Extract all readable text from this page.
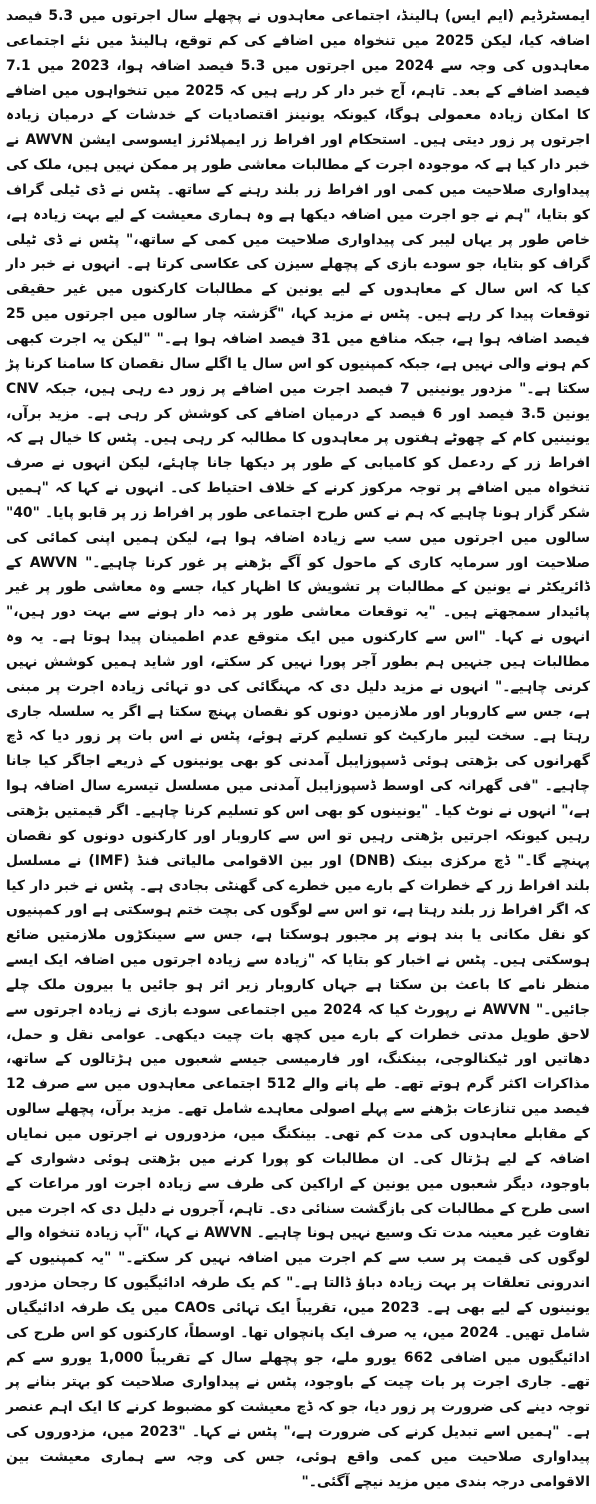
ایمسٹرڈیم (ایم ایس) ہالینڈ، اجتماعی معاہدوں نے پچھلے سال اجرتوں میں 5.3 فیصد اضافہ کیا، لیکن 2025 میں تنخواہ میں اضافے کی کم توقع، ہالینڈ میں نئے اجتماعی معاہدوں کی وجہ سے 2024 میں اجرتوں میں 5.3 فیصد اضافہ ہوا، 2023 میں 7.1 فیصد اضافے کے بعد۔ تاہم، آج خبر دار کر رہے ہیں کہ 2025 میں تنخواہوں میں اضافے کا امکان زیادہ معمولی ہوگا، کیونکہ یونینز اقتصادیات کے خدشات کے درمیان زیادہ اجرتوں پر زور دیتی ہیں۔ استحکام اور افراط زر ایمپلائرز ایسوسی ایشن AWVN نے خبر دار کیا ہے کہ موجودہ اجرت کے مطالبات معاشی طور پر ممکن نہیں ہیں، ملک کی پیداواری صلاحیت میں کمی اور افراط زر بلند رہنے کے ساتھ۔ پٹس نے ڈی ٹیلی گراف کو بتایا، "ہم نے جو اجرت میں اضافہ دیکھا ہے وہ ہماری معیشت کے لیے بہت زیادہ ہے، خاص طور پر یہاں لیبر کی پیداواری صلاحیت میں کمی کے ساتھ،" پٹس نے ڈی ٹیلی گراف کو بتایا، جو سودے بازی کے پچھلے سیزن کی عکاسی کرتا ہے۔ انہوں نے خبر دار کیا کہ اس سال کے معاہدوں کے لیے یونین کے مطالبات کارکنوں میں غیر حقیقی توقعات پیدا کر رہے ہیں۔ پٹس نے مزید کہا، "گزشتہ چار سالوں میں اجرتوں میں 25 فیصد اضافہ ہوا ہے، جبکہ منافع میں 31 فیصد اضافہ ہوا ہے۔" "لیکن یہ اجرت کبھی کم ہونے والی نہیں ہے، جبکہ کمپنیوں کو اس سال یا اگلے سال نقصان کا سامنا کرنا پڑ سکتا ہے۔" مزدور یونینیں 7 فیصد اجرت میں اضافے پر زور دے رہی ہیں، جبکہ CNV یونین 3.5 فیصد اور 6 فیصد کے درمیان اضافے کی کوشش کر رہی ہے۔ مزید برآں، یونینیں کام کے چھوٹے ہفتوں پر معاہدوں کا مطالبہ کر رہی ہیں۔ پٹس کا خیال ہے کہ افراط زر کے ردعمل کو کامیابی کے طور پر دیکھا جانا چاہئے، لیکن انہوں نے صرف تنخواہ میں اضافے پر توجہ مرکوز کرنے کے خلاف احتیاط کی۔ انہوں نے کہا کہ "ہمیں شکر گزار ہونا چاہیے کہ ہم نے کس طرح اجتماعی طور پر افراط زر پر قابو پایا۔ "40" سالوں میں اجرتوں میں سب سے زیادہ اضافہ ہوا ہے، لیکن ہمیں اپنی کمائی کی صلاحیت اور سرمایہ کاری کے ماحول کو آگے بڑھنے پر غور کرنا چاہیے۔" AWVN کے ڈائریکٹر نے یونین کے مطالبات پر تشویش کا اظہار کیا، جسے وہ معاشی طور پر غیر پائیدار سمجھتے ہیں۔ "یہ توقعات معاشی طور پر ذمہ دار ہونے سے بہت دور ہیں،" انہوں نے کہا۔ "اس سے کارکنوں میں ایک متوقع عدم اطمینان پیدا ہوتا ہے۔ یہ وہ مطالبات ہیں جنہیں ہم بطور آجر پورا نہیں کر سکتے، اور شاید ہمیں کوشش نہیں کرنی چاہیے۔" انہوں نے مزید دلیل دی کہ مہنگائی کی دو تہائی زیادہ اجرت پر مبنی ہے، جس سے کاروبار اور ملازمین دونوں کو نقصان پہنچ سکتا ہے اگر یہ سلسلہ جاری رہتا ہے۔ سخت لیبر مارکیٹ کو تسلیم کرتے ہوئے، پٹس نے اس بات پر زور دیا کہ ڈچ گھرانوں کی بڑھتی ہوئی ڈسپوزایبل آمدنی کو بھی یونینوں کے ذریعے اجاگر کیا جانا چاہیے۔ "فی گھرانہ کی اوسط ڈسپوزایبل آمدنی میں مسلسل تیسرے سال اضافہ ہوا ہے،" انہوں نے نوٹ کیا۔ "یونینوں کو بھی اس کو تسلیم کرنا چاہیے۔ اگر قیمتیں بڑھتی رہیں کیونکہ اجرتیں بڑھتی رہیں تو اس سے کاروبار اور کارکنوں دونوں کو نقصان پہنچے گا۔" ڈچ مرکزی بینک (DNB) اور بین الاقوامی مالیاتی فنڈ (IMF) نے مسلسل بلند افراط زر کے خطرات کے بارے میں خطرے کی گھنٹی بجادی ہے۔ پٹس نے خبر دار کیا کہ اگر افراط زر بلند رہتا ہے، تو اس سے لوگوں کی بچت ختم ہوسکتی ہے اور کمپنیوں کو نقل مکانی یا بند ہونے پر مجبور ہوسکتا ہے، جس سے سینکڑوں ملازمتیں ضائع ہوسکتی ہیں۔ پٹس نے اخبار کو بتایا کہ "زیادہ سے زیادہ اجرتوں میں اضافہ ایک ایسے منظر نامے کا باعث بن سکتا ہے جہاں کاروبار زیر اثر ہو جائیں یا بیرون ملک چلے جائیں۔" AWVN نے رپورٹ کیا کہ 2024 میں اجتماعی سودے بازی نے زیادہ اجرتوں سے لاحق طویل مدتی خطرات کے بارے میں کچھ بات چیت دیکھی۔ عوامی نقل و حمل، دھاتیں اور ٹیکنالوجی، بینکنگ، اور فارمیسی جیسے شعبوں میں ہڑتالوں کے ساتھ، مذاکرات اکثر گرم ہوتے تھے۔ طے پانے والے 512 اجتماعی معاہدوں میں سے صرف 12 فیصد میں تنازعات بڑھنے سے پہلے اصولی معاہدے شامل تھے۔ مزید برآں، پچھلے سالوں کے مقابلے معاہدوں کی مدت کم تھی۔ بینکنگ میں، مزدوروں نے اجرتوں میں نمایاں اضافہ کے لیے ہڑتال کی۔ ان مطالبات کو پورا کرنے میں بڑھتی ہوئی دشواری کے باوجود، دیگر شعبوں میں یونین کے اراکین کی طرف سے زیادہ اجرت اور مراعات کے اسی طرح کے مطالبات کی بازگشت سنائی دی۔ تاہم، آجروں نے دلیل دی کہ اجرت میں تفاوت غیر معینہ مدت تک وسیع نہیں ہونا چاہیے۔ AWVN نے کہا، "آپ زیادہ تنخواہ والے لوگوں کی قیمت پر سب سے کم اجرت میں اضافہ نہیں کر سکتے۔" "یہ کمپنیوں کے اندرونی تعلقات پر بہت زیادہ دباؤ ڈالتا ہے۔" کم یک طرفہ ادائیگیوں کا رجحان مزدور یونینوں کے لیے بھی ہے۔ 2023 میں، تقریباً ایک تہائی CAOs میں یک طرفہ ادائیگیاں شامل تھیں۔ 2024 میں، یہ صرف ایک پانچواں تھا۔ اوسطاً، کارکنوں کو اس طرح کی ادائیگیوں میں اضافی 662 یورو ملے، جو پچھلے سال کے تقریباً 1,000 یورو سے کم تھے۔ جاری اجرت پر بات چیت کے باوجود، پٹس نے پیداواری صلاحیت کو بہتر بنانے پر توجہ دینے کی ضرورت پر زور دیا، جو کہ ڈچ معیشت کو مضبوط کرنے کا ایک اہم عنصر ہے۔ "ہمیں اسے تبدیل کرنے کی ضرورت ہے،" پٹس نے کہا۔ "2023 میں، مزدوروں کی پیداواری صلاحیت میں کمی واقع ہوئی، جس کی وجہ سے ہماری معیشت بین الاقوامی درجہ بندی میں مزید نیچے آگئی۔"
